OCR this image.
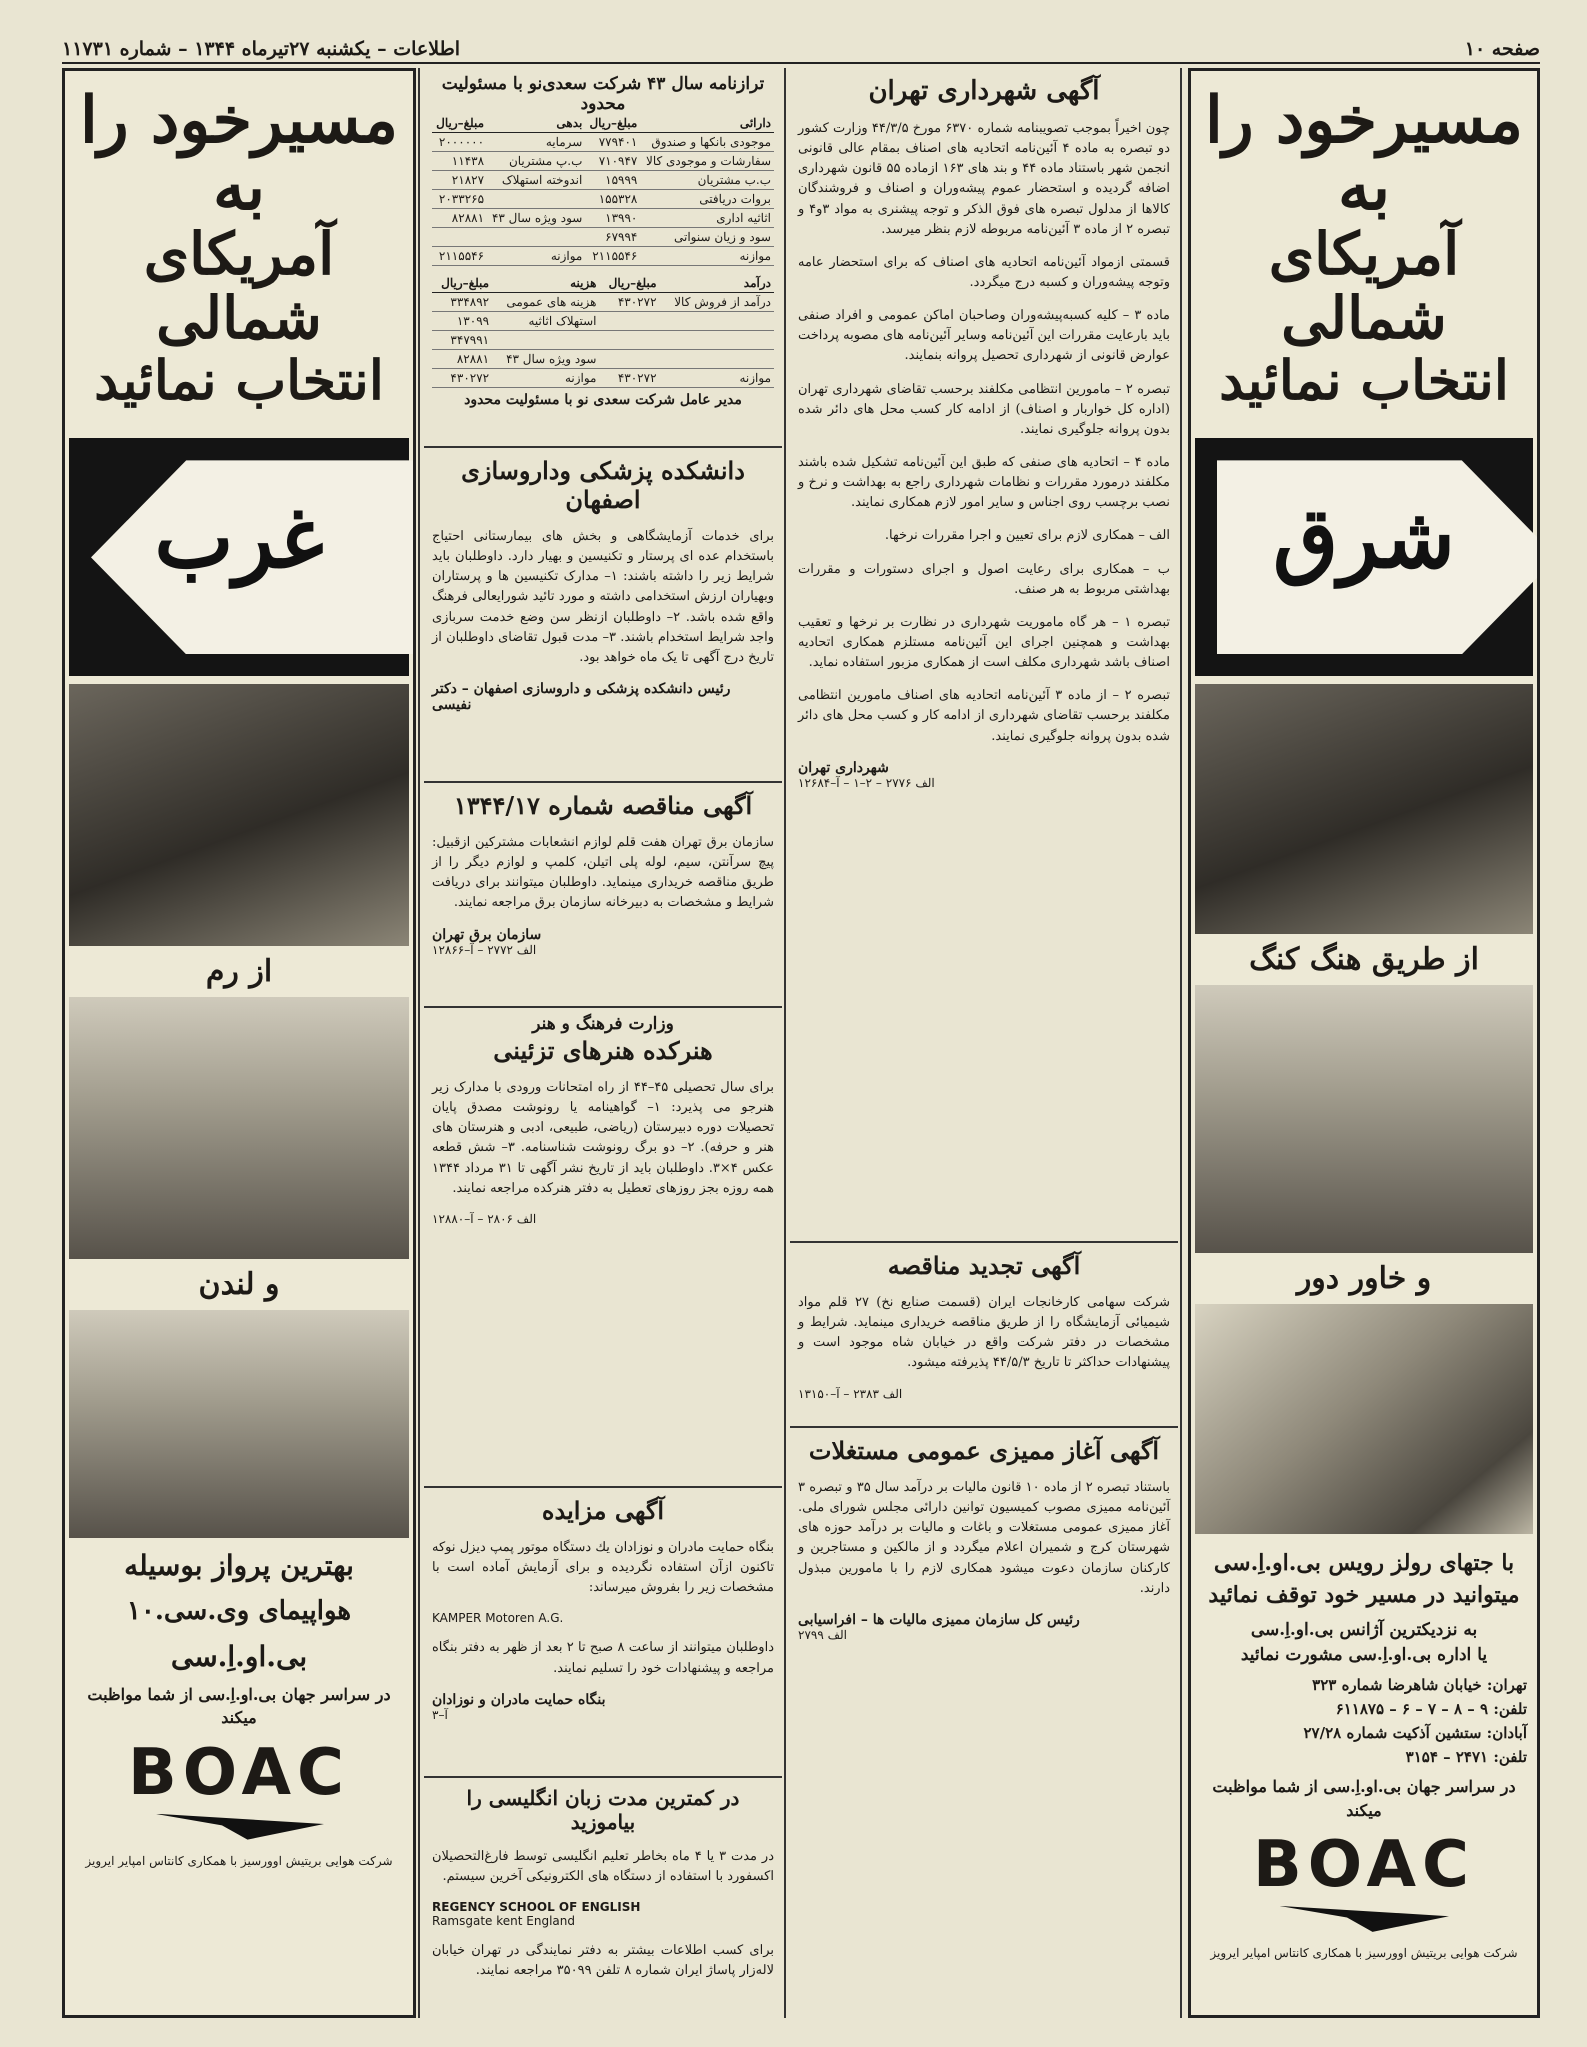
صفحه ۱۰
اطلاعات – یکشنبه ۲۷تیرماه ۱۳۴۴ – شماره ۱۱۷۳۱
مسیرخود را
به
آمریکای شمالی
انتخاب نمائید
شرق
از طریق هنگ کنگ
و خاور دور
با جتهای رولز رویس بی.او.اِ.سی
میتوانید در مسیر خود توقف نمائید
به نزدیکترین آژانس بی.او.اِ.سی
یا اداره بی.او.اِ.سی مشورت نمائید
تهران: خیابان شاهرضا شماره ۳۲۳
تلفن: ۹ – ۸ – ۷ – ۶ – ۶۱۱۸۷۵
آبادان: ستشین آذکیت شماره ۲۷/۲۸
تلفن: ۲۴۷۱ – ۳۱۵۴
در سراسر جهان بی.او.اِ.سی از شما مواظبت میکند
BOAC
شرکت هوایی بریتیش اوورسیز با همکاری کانتاس امپایر ایرویز
آگهی شهرداری تهران

چون اخیراً بموجب تصویبنامه شماره ۶۳۷۰ مورخ ۴۴/۳/۵ وزارت کشور دو تبصره به ماده ۴ آئین‌نامه اتحادیه های اصناف بمقام عالی قانونی انجمن شهر باستناد ماده ۴۴ و بند های ۱۶۳ ازماده ۵۵ قانون شهرداری اضافه گردیده و استحضار عموم پیشه‌وران و اصناف و فروشندگان کالاها از مدلول تبصره های فوق الذکر و توجه پیشنری به مواد ۳و۴ و تبصره ۲ از ماده ۳ آئین‌نامه مربوطه لازم بنظر میرسد.

قسمتی ازمواد آئین‌نامه اتحادیه های اصناف که برای استحضار عامه وتوجه پیشه‌وران و کسبه درج میگردد.

ماده ۳ – کلیه کسبه‌پیشه‌وران وصاحبان اماکن عمومی و افراد صنفی باید بارعایت مقررات این آئین‌نامه وسایر آئین‌نامه های مصوبه پرداخت عوارض قانونی از شهرداری تحصیل پروانه بنمایند.

تبصره ۲ – مامورین انتظامی مکلفند برحسب تقاضای شهرداری تهران (اداره کل خواربار و اصناف) از ادامه کار کسب محل های دائر شده بدون پروانه جلوگیری نمایند.

ماده ۴ – اتحادیه های صنفی که طبق این آئین‌نامه تشکیل شده باشند مکلفند درمورد مقررات و نظامات شهرداری راجع به بهداشت و نرخ و نصب برچسب روی اجناس و سایر امور لازم همکاری نمایند.

الف – همکاری لازم برای تعیین و اجرا مقررات نرخها.

ب – همکاری برای رعایت اصول و اجرای دستورات و مقررات بهداشتی مربوط به هر صنف.

تبصره ۱ – هر گاه ماموریت شهرداری در نظارت بر نرخها و تعقیب بهداشت و همچنین اجرای این آئین‌نامه مستلزم همکاری اتحادیه اصناف باشد شهرداری مکلف است از همکاری مزبور استفاده نماید.

تبصره ۲ – از ماده ۳ آئین‌نامه اتحادیه های اصناف مامورین انتظامی مکلفند برحسب تقاضای شهرداری از ادامه کار و کسب محل های دائر شده بدون پروانه جلوگیری نمایند.

شهرداری تهران
الف ۲۷۷۶ – ۲–۱ – آ–۱۲۶۸۴
آگهی تجدید مناقصه

شرکت سهامی کارخانجات ایران (قسمت صنایع نخ) ۲۷ قلم مواد شیمیائی آزمایشگاه را از طریق مناقصه خریداری مینماید. شرایط و مشخصات در دفتر شرکت واقع در خیابان شاه موجود است و پیشنهادات حداکثر تا تاریخ ۴۴/۵/۳ پذیرفته میشود.

الف ۲۳۸۳ – آ–۱۳۱۵۰
آگهی آغاز ممیزی عمومی مستغلات

باستناد تبصره ۲ از ماده ۱۰ قانون مالیات بر درآمد سال ۳۵ و تبصره ۳ آئین‌نامه ممیزی مصوب کمیسیون توانین دارائی مجلس شورای ملی. آغاز ممیزی عمومی مستغلات و باغات و مالیات بر درآمد حوزه های شهرستان کرج و شمیران اعلام میگردد و از مالکین و مستاجرین و کارکنان سازمان دعوت میشود همکاری لازم را با مامورین مبذول دارند.

رئیس کل سازمان ممیزی مالیات ها – افراسیابی
الف ۲۷۹۹
ترازنامه سال ۴۳ شرکت سعدی‌نو با مسئولیت محدود
دارائی	مبلغ–ریال	بدهی	مبلغ–ریال
موجودی بانکها و صندوق	۷۷۹۴۰۱	سرمایه	۲۰۰۰۰۰۰
سفارشات و موجودی کالا	۷۱۰۹۴۷	ب.پ مشتریان	۱۱۴۳۸
ب.ب مشتریان	۱۵۹۹۹	اندوخته استهلاک	۲۱۸۲۷
بروات دریافتی	۱۵۵۳۲۸		۲۰۳۳۲۶۵
اثاثیه اداری	۱۳۹۹۰	سود ویژه سال ۴۳	۸۲۸۸۱
سود و زیان سنواتی	۶۷۹۹۴		
موازنه	۲۱۱۵۵۴۶	موازنه	۲۱۱۵۵۴۶
درآمد	مبلغ–ریال	هزینه	مبلغ–ریال
درآمد از فروش کالا	۴۳۰۲۷۲	هزینه های عمومی	۳۳۴۸۹۲
		استهلاک اثاثیه	۱۳۰۹۹
			۳۴۷۹۹۱
		سود ویژه سال ۴۳	۸۲۸۸۱
موازنه	۴۳۰۲۷۲	موازنه	۴۳۰۲۷۲
مدیر عامل شرکت سعدی نو با مسئولیت محدود
دانشکده پزشکی وداروسازی اصفهان

برای خدمات آزمایشگاهی و بخش های بیمارستانی احتیاج باستخدام عده ای پرستار و تکنیسین و بهیار دارد. داوطلبان باید شرایط زیر را داشته باشند: ۱– مدارک تکنیسین ها و پرستاران وبهیاران ارزش استخدامی داشته و مورد تائید شورایعالی فرهنگ واقع شده باشد. ۲– داوطلبان ازنظر سن وضع خدمت سربازی واجد شرایط استخدام باشند. ۳– مدت قبول تقاضای داوطلبان از تاریخ درج آگهی تا یک ماه خواهد بود.

رئیس دانشکده پزشکی و داروسازی اصفهان – دکتر نفیسی
آگهی مناقصه شماره ۱۳۴۴/۱۷

سازمان برق تهران هفت قلم لوازم انشعابات مشترکین ازقبیل: پیچ سرآنتن، سیم، لوله پلی اتیلن، کلمپ و لوازم دیگر را از طریق مناقصه خریداری مینماید. داوطلبان میتوانند برای دریافت شرایط و مشخصات به دبیرخانه سازمان برق مراجعه نمایند.

سازمان برق تهران
الف ۲۷۷۲ – آ–۱۲۸۶۶
وزارت فرهنگ و هنر
هنرکده هنرهای تزئینی

برای سال تحصیلی ۴۵–۴۴ از راه امتحانات ورودی با مدارک زیر هنرجو می پذیرد: ۱– گواهینامه یا رونوشت مصدق پایان تحصیلات دوره دبیرستان (ریاضی، طبیعی، ادبی و هنرستان های هنر و حرفه). ۲– دو برگ رونوشت شناسنامه. ۳– شش قطعه عکس ۴×۳. داوطلبان باید از تاریخ نشر آگهی تا ۳۱ مرداد ۱۳۴۴ همه روزه بجز روزهای تعطیل به دفتر هنرکده مراجعه نمایند.

الف ۲۸۰۶ – آ–۱۲۸۸۰
آگهی مزایده

بنگاه حمایت مادران و نوزادان یك دستگاه موتور پمپ دیزل نوکه تاکنون ازآن استفاده نگردیده و برای آزمایش آماده است با مشخصات زیر را بفروش میرساند:

KAMPER Motoren A.G.

داوطلبان میتوانند از ساعت ۸ صبح تا ۲ بعد از ظهر به دفتر بنگاه مراجعه و پیشنهادات خود را تسلیم نمایند.

بنگاه حمایت مادران و نوزادان
آ–۳
در کمترین مدت زبان انگلیسی را بیاموزید

در مدت ۳ یا ۴ ماه بخاطر تعلیم انگلیسی توسط فارغ‌التحصیلان اکسفورد با استفاده از دستگاه های الکترونیکی آخرین سیستم.

REGENCY SCHOOL OF ENGLISH
Ramsgate kent England

برای کسب اطلاعات بیشتر به دفتر نمایندگی در تهران خیابان لاله‌زار پاساژ ایران شماره ۸ تلفن ۳۵۰۹۹ مراجعه نمایند.

مسیرخود را
به
آمریکای شمالی
انتخاب نمائید
غرب
از رم
و لندن
بهترین پرواز بوسیله
هواپیمای وی.سی.۱۰
بی.او.اِ.سی
در سراسر جهان بی.او.اِ.سی از شما مواظبت میکند
BOAC
شرکت هوایی بریتیش اوورسیز با همکاری کانتاس امپایر ایرویز
